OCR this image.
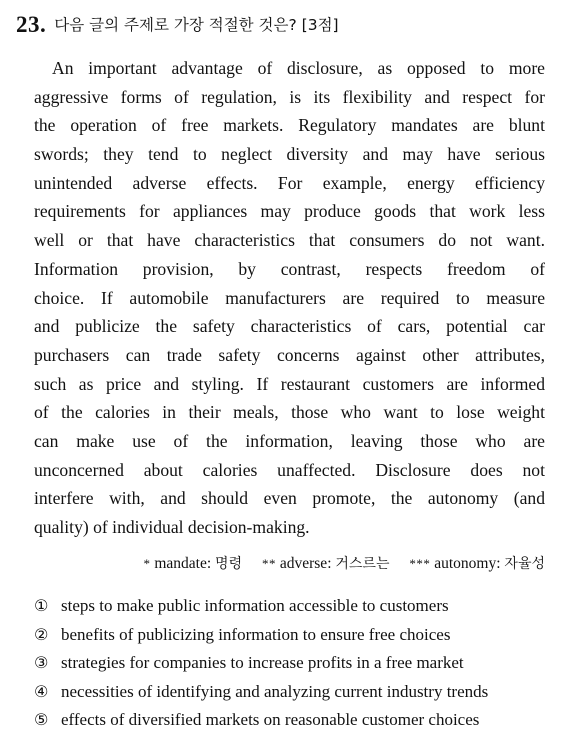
23. 다음 글의 주제로 가장 적절한 것은? [3점]
An important advantage of disclosure, as opposed to more
aggressive forms of regulation, is its flexibility and respect for
the operation of free markets. Regulatory mandates are blunt
swords; they tend to neglect diversity and may have serious
unintended adverse effects. For example, energy efficiency
requirements for appliances may produce goods that work less
well or that have characteristics that consumers do not want.
Information provision, by contrast, respects freedom of
choice. If automobile manufacturers are required to measure
and publicize the safety characteristics of cars, potential car
purchasers can trade safety concerns against other attributes,
such as price and styling. If restaurant customers are informed
of the calories in their meals, those who want to lose weight
can make use of the information, leaving those who are
unconcerned about calories unaffected. Disclosure does not
interfere with, and should even promote, the autonomy (and
quality) of individual decision-making.
* mandate: 명령 ** adverse: 거스르는 *** autonomy: 자율성
① steps to make public information accessible to customers
② benefits of publicizing information to ensure free choices
③ strategies for companies to increase profits in a free market
④ necessities of identifying and analyzing current industry trends
⑤ effects of diversified markets on reasonable customer choices
